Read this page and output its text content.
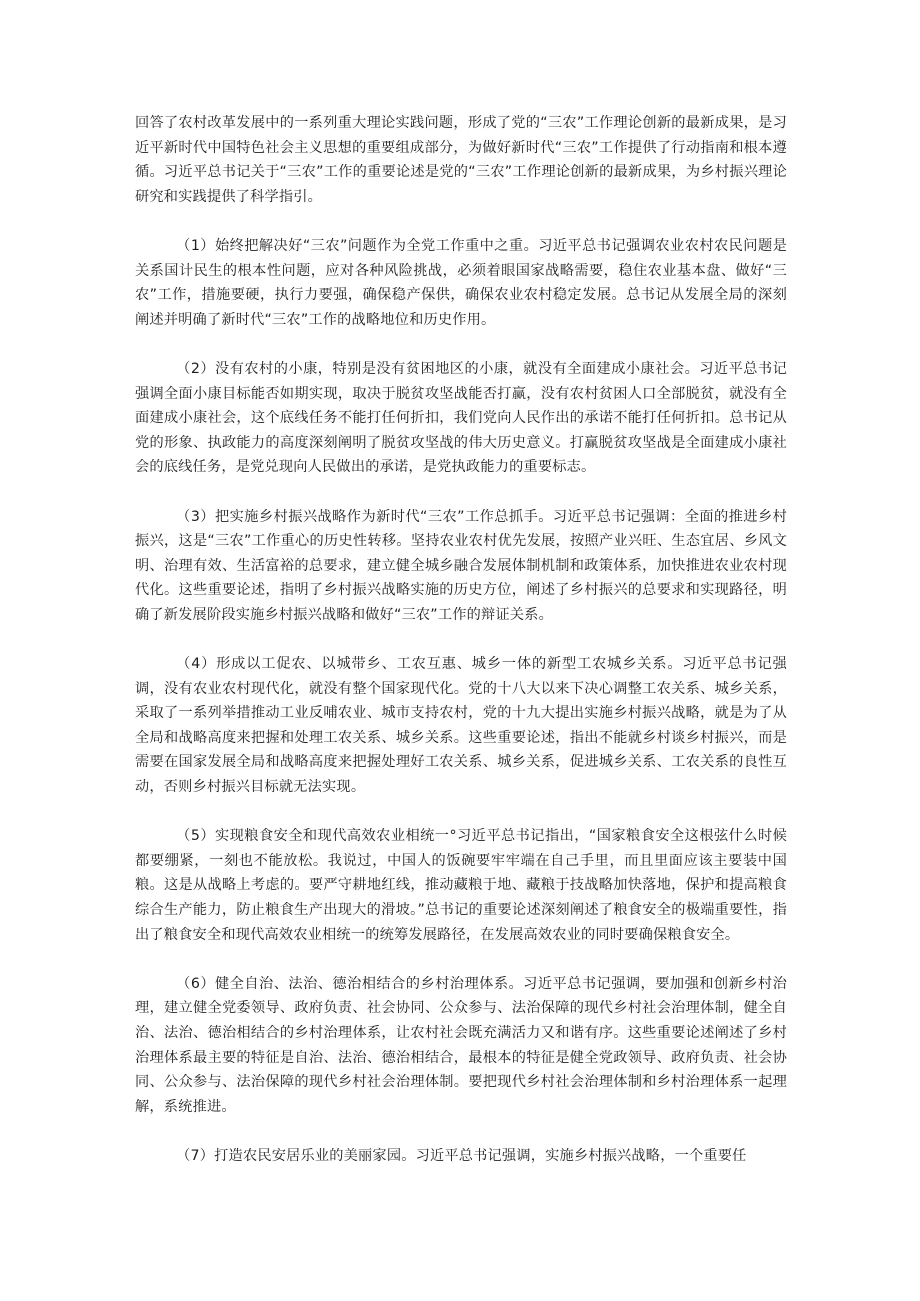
回答了农村改革发展中的一系列重大理论实践问题，形成了党的“三农”工作理论创新的最新成果，是习近平新时代中国特色社会主义思想的重要组成部分，为做好新时代“三农”工作提供了行动指南和根本遵循。习近平总书记关于“三农”工作的重要论述是党的“三农”工作理论创新的最新成果，为乡村振兴理论研究和实践提供了科学指引。

（1）始终把解决好“三农”问题作为全党工作重中之重。习近平总书记强调农业农村农民问题是关系国计民生的根本性问题，应对各种风险挑战，必须着眼国家战略需要，稳住农业基本盘、做好“三农”工作，措施要硬，执行力要强，确保稳产保供，确保农业农村稳定发展。总书记从发展全局的深刻阐述并明确了新时代“三农”工作的战略地位和历史作用。

（2）没有农村的小康，特别是没有贫困地区的小康，就没有全面建成小康社会。习近平总书记强调全面小康目标能否如期实现，取决于脱贫攻坚战能否打赢，没有农村贫困人口全部脱贫，就没有全面建成小康社会，这个底线任务不能打任何折扣，我们党向人民作出的承诺不能打任何折扣。总书记从党的形象、执政能力的高度深刻阐明了脱贫攻坚战的伟大历史意义。打赢脱贫攻坚战是全面建成小康社会的底线任务，是党兑现向人民做出的承诺，是党执政能力的重要标志。

（3）把实施乡村振兴战略作为新时代“三农”工作总抓手。习近平总书记强调：全面的推进乡村振兴，这是“三农”工作重心的历史性转移。坚持农业农村优先发展，按照产业兴旺、生态宜居、乡风文明、治理有效、生活富裕的总要求，建立健全城乡融合发展体制机制和政策体系，加快推进农业农村现代化。这些重要论述，指明了乡村振兴战略实施的历史方位，阐述了乡村振兴的总要求和实现路径，明确了新发展阶段实施乡村振兴战略和做好“三农”工作的辩证关系。

（4）形成以工促农、以城带乡、工农互惠、城乡一体的新型工农城乡关系。习近平总书记强调，没有农业农村现代化，就没有整个国家现代化。党的十八大以来下决心调整工农关系、城乡关系，采取了一系列举措推动工业反哺农业、城市支持农村，党的十九大提出实施乡村振兴战略，就是为了从全局和战略高度来把握和处理工农关系、城乡关系。这些重要论述，指出不能就乡村谈乡村振兴，而是需要在国家发展全局和战略高度来把握处理好工农关系、城乡关系，促进城乡关系、工农关系的良性互动，否则乡村振兴目标就无法实现。

（5）实现粮食安全和现代高效农业相统一°习近平总书记指出，“国家粮食安全这根弦什么时候都要绷紧，一刻也不能放松。我说过，中国人的饭碗要牢牢端在自己手里，而且里面应该主要装中国粮。这是从战略上考虑的。要严守耕地红线，推动藏粮于地、藏粮于技战略加快落地，保护和提高粮食综合生产能力，防止粮食生产出现大的滑坡。”总书记的重要论述深刻阐述了粮食安全的极端重要性，指出了粮食安全和现代高效农业相统一的统筹发展路径，在发展高效农业的同时要确保粮食安全。

（6）健全自治、法治、德治相结合的乡村治理体系。习近平总书记强调，要加强和创新乡村治理，建立健全党委领导、政府负责、社会协同、公众参与、法治保障的现代乡村社会治理体制，健全自治、法治、德治相结合的乡村治理体系，让农村社会既充满活力又和谐有序。这些重要论述阐述了乡村治理体系最主要的特征是自治、法治、德治相结合，最根本的特征是健全党政领导、政府负责、社会协同、公众参与、法治保障的现代乡村社会治理体制。要把现代乡村社会治理体制和乡村治理体系一起理解，系统推进。

（7）打造农民安居乐业的美丽家园。习近平总书记强调，实施乡村振兴战略，一个重要任
